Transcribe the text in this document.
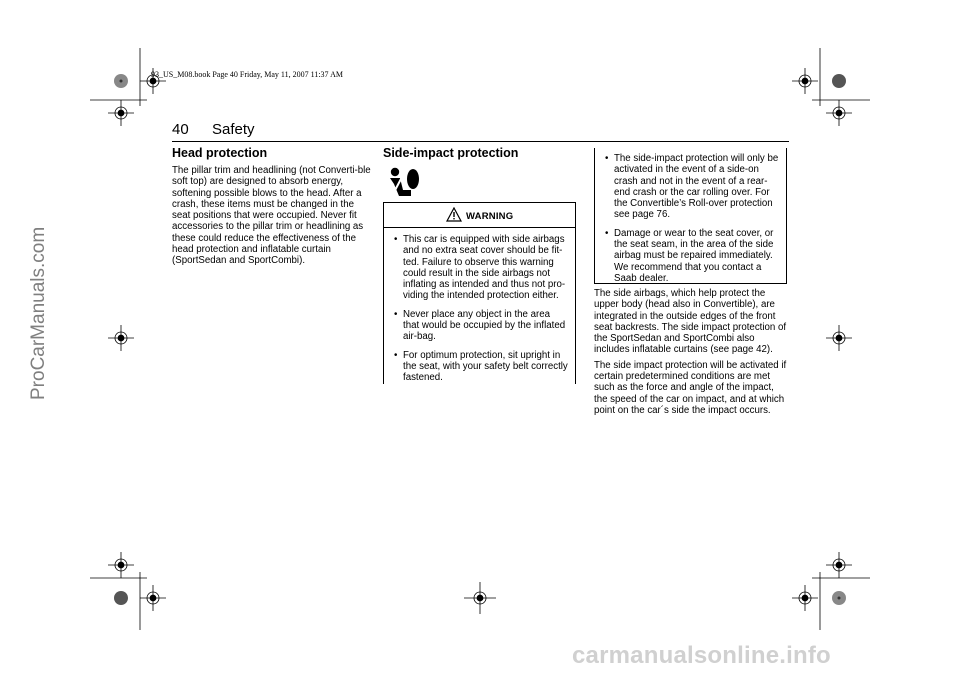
93_US_M08.book Page 40 Friday, May 11, 2007 11:37 AM
40 Safety
Head protection

The pillar trim and headlining (not Converti-ble soft top) are designed to absorb energy, softening possible blows to the head. After a crash, these items must be changed in the seat positions that were occupied. Never fit accessories to the pillar trim or headlining as these could reduce the effectiveness of the head protection and inflatable curtain (SportSedan and SportCombi).

Side-impact protection
WARNING
• This car is equipped with side airbags and no extra seat cover should be fit-ted. Failure to observe this warning could result in the side airbags not inflating as intended and thus not pro-viding the intended protection either.
• Never place any object in the area that would be occupied by the inflated air-bag.
• For optimum protection, sit upright in the seat, with your safety belt correctly fastened.
• The side-impact protection will only be activated in the event of a side-on crash and not in the event of a rear-end crash or the car rolling over. For the Convertible’s Roll-over protection see page 76.
• Damage or wear to the seat cover, or the seat seam, in the area of the side airbag must be repaired immediately. We recommend that you contact a Saab dealer.

The side airbags, which help protect the upper body (head also in Convertible), are integrated in the outside edges of the front seat backrests. The side impact protection of the SportSedan and SportCombi also includes inflatable curtains (see page 42).

The side impact protection will be activated if certain predetermined conditions are met such as the force and angle of the impact, the speed of the car on impact, and at which point on the car´s side the impact occurs.

ProCarManuals.com
carmanualsonline.info
